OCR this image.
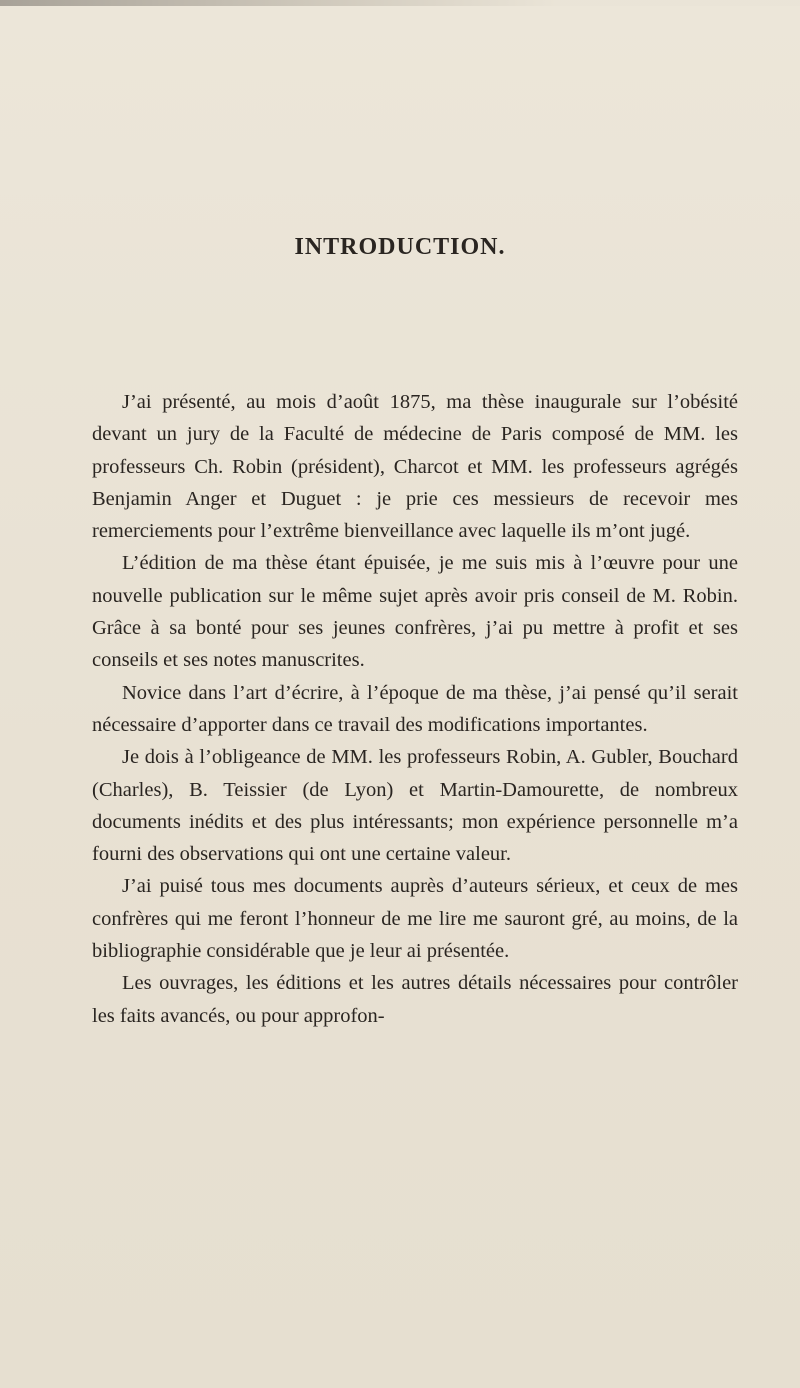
INTRODUCTION.

J’ai présenté, au mois d’août 1875, ma thèse inaugurale sur l’obésité devant un jury de la Faculté de médecine de Paris composé de MM. les professeurs Ch. Robin (président), Charcot et MM. les professeurs agrégés Benjamin Anger et Duguet : je prie ces messieurs de recevoir mes remerciements pour l’extrême bienveillance avec laquelle ils m’ont jugé.

L’édition de ma thèse étant épuisée, je me suis mis à l’œuvre pour une nouvelle publication sur le même sujet après avoir pris conseil de M. Robin. Grâce à sa bonté pour ses jeunes confrères, j’ai pu mettre à profit et ses conseils et ses notes manuscrites.

Novice dans l’art d’écrire, à l’époque de ma thèse, j’ai pensé qu’il serait nécessaire d’apporter dans ce travail des modifications importantes.

Je dois à l’obligeance de MM. les professeurs Robin, A. Gubler, Bouchard (Charles), B. Teissier (de Lyon) et Martin-Damourette, de nombreux documents inédits et des plus intéressants; mon expérience personnelle m’a fourni des observations qui ont une certaine valeur.

J’ai puisé tous mes documents auprès d’auteurs sérieux, et ceux de mes confrères qui me feront l’honneur de me lire me sauront gré, au moins, de la bibliographie considérable que je leur ai présentée.

Les ouvrages, les éditions et les autres détails nécessaires pour contrôler les faits avancés, ou pour approfon-
